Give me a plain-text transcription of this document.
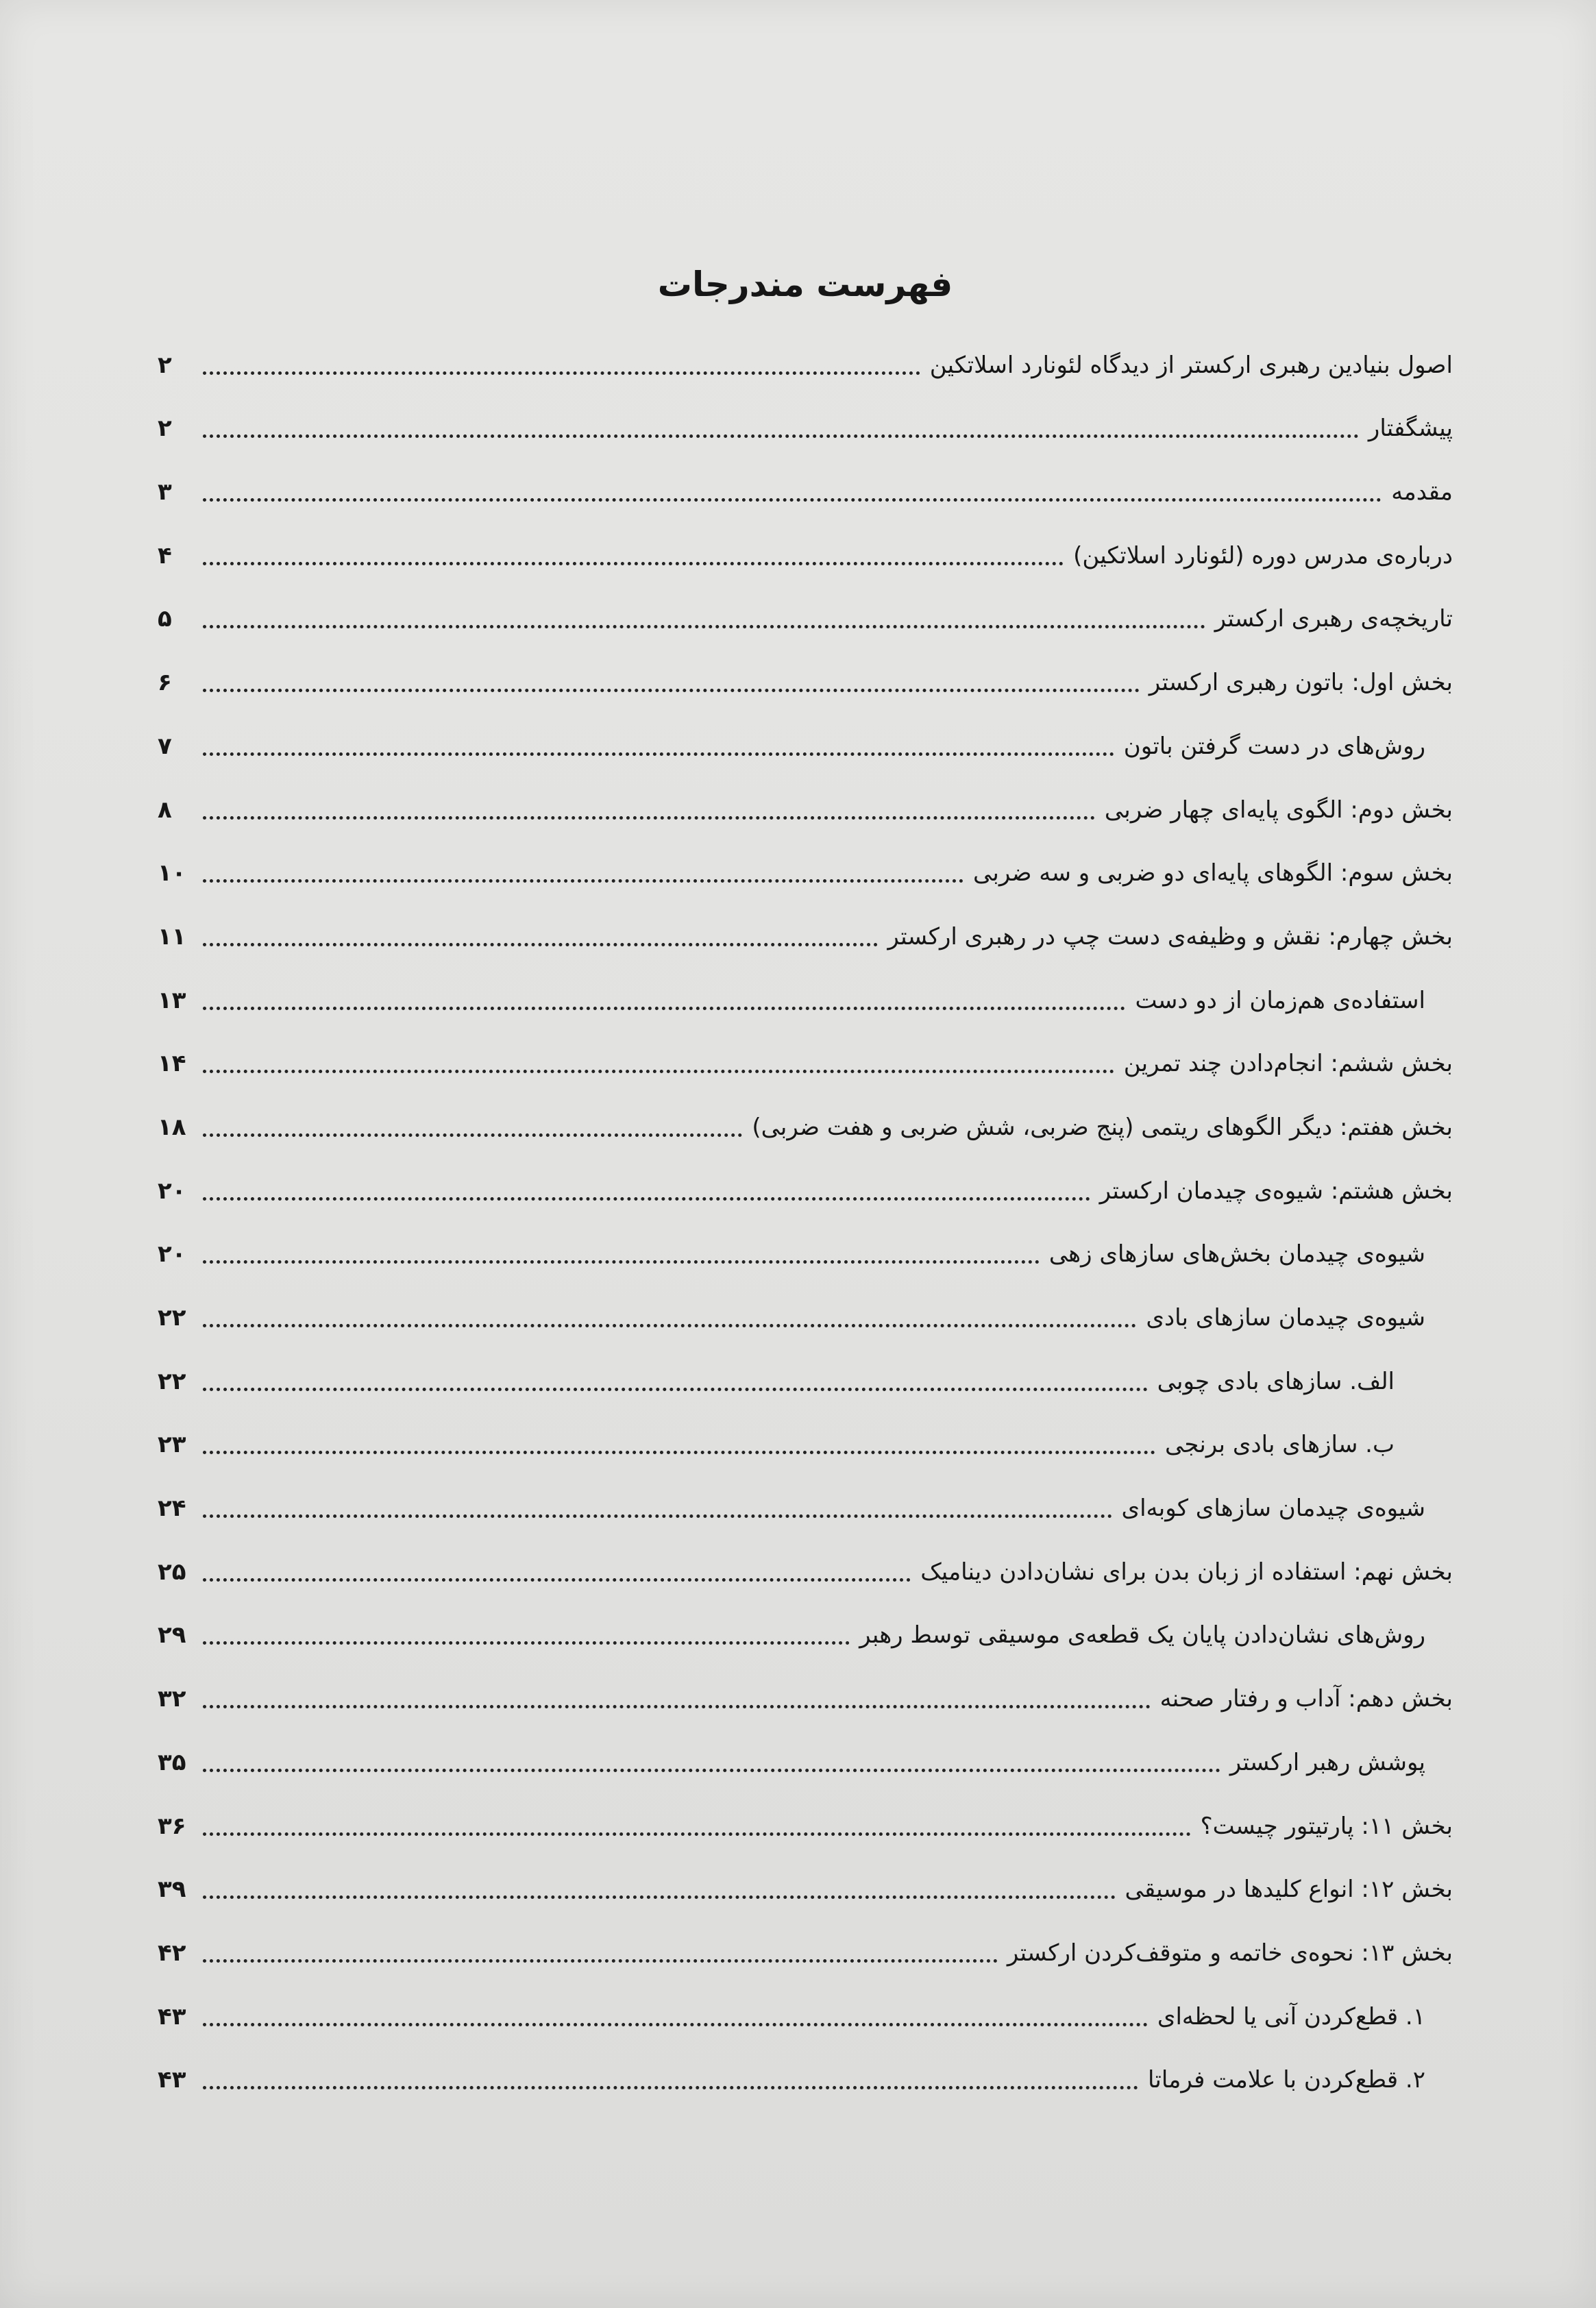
فهرست مندرجات
اصول بنیادین رهبری ارکستر از دیدگاه لئونارد اسلاتکین
۲
پیشگفتار
۲
مقدمه
۳
درباره‌ی مدرس دوره (لئونارد اسلاتکین)
۴
تاریخچه‌ی رهبری ارکستر
۵
بخش اول: باتون رهبری ارکستر
۶
روش‌های در دست گرفتن باتون
۷
بخش دوم: الگوی پایه‌ای چهار ضربی
۸
بخش سوم: الگوهای پایه‌ای دو ضربی و سه ضربی
۱۰
بخش چهارم: نقش و وظیفه‌ی دست چپ در رهبری ارکستر
۱۱
استفاده‌ی هم‌زمان از دو دست
۱۳
بخش ششم: انجام‌دادن چند تمرین
۱۴
بخش هفتم: دیگر الگوهای ریتمی (پنج ضربی، شش ضربی و هفت ضربی)
۱۸
بخش هشتم: شیوه‌ی چیدمان ارکستر
۲۰
شیوه‌ی چیدمان بخش‌های سازهای زهی
۲۰
شیوه‌ی چیدمان سازهای بادی
۲۲
الف. سازهای بادی چوبی
۲۲
ب. سازهای بادی برنجی
۲۳
شیوه‌ی چیدمان سازهای کوبه‌ای
۲۴
بخش نهم: استفاده از زبان بدن برای نشان‌دادن دینامیک
۲۵
روش‌های نشان‌دادن پایان یک قطعه‌ی موسیقی توسط رهبر
۲۹
بخش دهم: آداب و رفتار صحنه
۳۲
پوشش رهبر ارکستر
۳۵
بخش ۱۱: پارتیتور چیست؟
۳۶
بخش ۱۲: انواع کلیدها در موسیقی
۳۹
بخش ۱۳: نحوه‌ی خاتمه و متوقف‌کردن ارکستر
۴۲
۱. قطع‌کردن آنی یا لحظه‌ای
۴۳
۲. قطع‌کردن با علامت فرماتا
۴۳
